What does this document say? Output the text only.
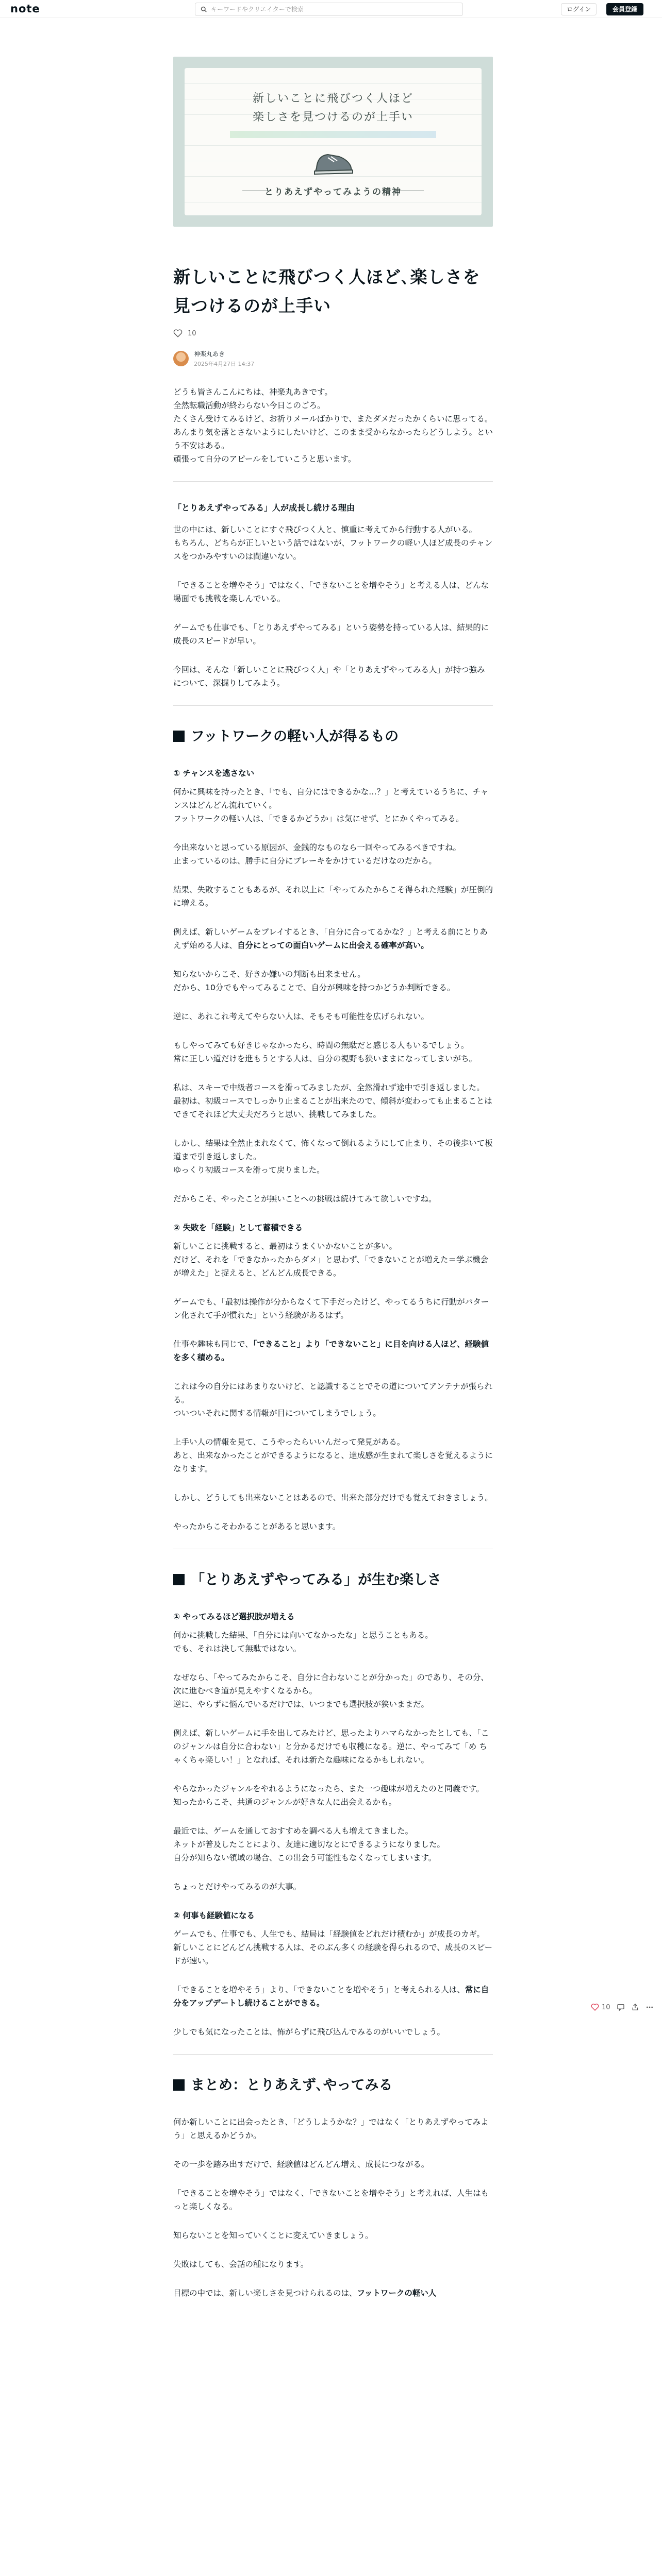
note
キーワードやクリエイターで検索	ログイン	会員登録
新しいことに飛びつく人ほど
楽しさを見つけるのが上手い
とりあえずやってみようの精神
新しいことに飛びつく人ほど､楽しさを見つけるのが上手い
10
神楽丸あき
2025年4月27日 14:37

どうも皆さんこんにちは、神楽丸あきです。
全然転職活動が終わらない今日このごろ。
たくさん受けてみるけど、お祈りメールばかりで、またダメだったかくらいに思ってる。
あんまり気を落とさないようにしたいけど、このまま受からなかったらどうしよう。という不安はある。
頑張って自分のアピールをしていこうと思います。

「とりあえずやってみる」人が成長し続ける理由

世の中には、新しいことにすぐ飛びつく人と、慎重に考えてから行動する人がいる。
もちろん、どちらが正しいという話ではないが、フットワークの軽い人ほど成長のチャンスをつかみやすいのは間違いない。

「できることを増やそう」ではなく、「できないことを増やそう」と考える人は、どんな場面でも挑戦を楽しんでいる。

ゲームでも仕事でも、「とりあえずやってみる」という姿勢を持っている人は、結果的に成長のスピードが早い。

今回は、そんな「新しいことに飛びつく人」や「とりあえずやってみる人」が持つ強みについて、深掘りしてみよう。

フットワークの軽い人が得るもの
① チャンスを逃さない

何かに興味を持ったとき、「でも、自分にはできるかな…？」と考えているうちに、チャンスはどんどん流れていく。
フットワークの軽い人は、「できるかどうか」は気にせず、とにかくやってみる。

今出来ないと思っている原因が、金銭的なものなら一回やってみるべきですね。
止まっているのは、勝手に自分にブレーキをかけているだけなのだから。

結果、失敗することもあるが、それ以上に「やってみたからこそ得られた経験」が圧倒的に増える。

例えば、新しいゲームをプレイするとき、「自分に合ってるかな？」と考える前にとりあえず始める人は、自分にとっての面白いゲームに出会える確率が高い。

知らないからこそ、好きか嫌いの判断も出来ません。
だから、10分でもやってみることで、自分が興味を持つかどうか判断できる。

逆に、あれこれ考えてやらない人は、そもそも可能性を広げられない。

もしやってみても好きじゃなかったら、時間の無駄だと感じる人もいるでしょう。
常に正しい道だけを進もうとする人は、自分の視野も狭いままになってしまいがち。

私は、スキーで中級者コースを滑ってみましたが、全然滑れず途中で引き返しました。
最初は、初級コースでしっかり止まることが出来たので、傾斜が変わっても止まることはできてそれほど大丈夫だろうと思い、挑戦してみました。

しかし、結果は全然止まれなくて、怖くなって倒れるようにして止まり、その後歩いて板道まで引き返しました。
ゆっくり初級コースを滑って戻りました。

だからこそ、やったことが無いことへの挑戦は続けてみて欲しいですね。

② 失敗を「経験」として蓄積できる

新しいことに挑戦すると、最初はうまくいかないことが多い。
だけど、それを「できなかったからダメ」と思わず、「できないことが増えた＝学ぶ機会が増えた」と捉えると、どんどん成長できる。

ゲームでも、「最初は操作が分からなくて下手だったけど、やってるうちに行動がパターン化されて手が慣れた」という経験があるはず。

仕事や趣味も同じで、「できること」より「できないこと」に目を向ける人ほど、経験値を多く積める。

これは今の自分にはあまりないけど、と認識することでその道についてアンテナが張られる。
ついついそれに関する情報が目についてしまうでしょう。

上手い人の情報を見て、こうやったらいいんだって発見がある。
あと、出来なかったことができるようになると、達成感が生まれて楽しさを覚えるようになります。

しかし、どうしても出来ないことはあるので、出来た部分だけでも覚えておきましょう。

やったからこそわかることがあると思います。

「とりあえずやってみる」が生む楽しさ
① やってみるほど選択肢が増える

何かに挑戦した結果、「自分には向いてなかったな」と思うこともある。
でも、それは決して無駄ではない。

なぜなら、「やってみたからこそ、自分に合わないことが分かった」のであり、その分、次に進むべき道が見えやすくなるから。
逆に、やらずに悩んでいるだけでは、いつまでも選択肢が狭いままだ。

例えば、新しいゲームに手を出してみたけど、思ったよりハマらなかったとしても、「このジャンルは自分に合わない」と分かるだけでも収穫になる。逆に、やってみて「め ちゃくちゃ楽しい！」となれば、それは新たな趣味になるかもしれない。

やらなかったジャンルをやれるようになったら、また一つ趣味が増えたのと同義です。
知ったからこそ、共通のジャンルが好きな人に出会えるかも。

最近では、ゲームを通しておすすめを調べる人も増えてきました。
ネットが普及したことにより、友達に適切なとにできるようになりました。
自分が知らない領域の場合、この出会う可能性もなくなってしまいます。

ちょっとだけやってみるのが大事。

② 何事も経験値になる

ゲームでも、仕事でも、人生でも、結局は「経験値をどれだけ積むか」が成長のカギ。
新しいことにどんどん挑戦する人は、そのぶん多くの経験を得られるので、成長のスピードが速い。

「できることを増やそう」より、「できないことを増やそう」と考えられる人は、常に自分をアップデートし続けることができる。

少しでも気になったことは、怖がらずに飛び込んでみるのがいいでしょう。

まとめ：とりあえず､やってみる

何か新しいことに出会ったとき、「どうしようかな？」ではなく「とりあえずやってみよう」と思えるかどうか。

その一歩を踏み出すだけで、経験値はどんどん増え、成長につながる。

「できることを増やそう」ではなく、「できないことを増やそう」と考えれば、人生はもっと楽しくなる。

知らないことを知っていくことに変えていきましょう。

失敗はしても、会話の種になります。

目標の中では、新しい楽しさを見つけられるのは、フットワークの軽い人

10
